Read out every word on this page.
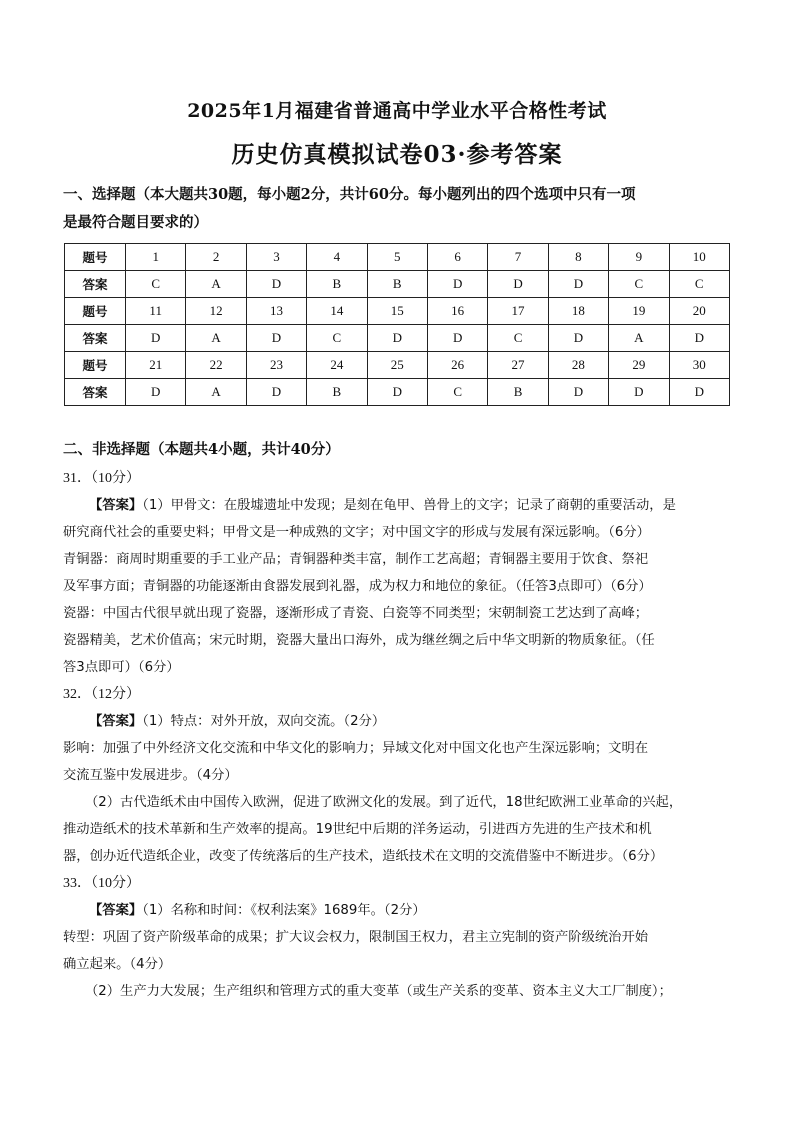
2025年1月福建省普通高中学业水平合格性考试
历史仿真模拟试卷03·参考答案
一、选择题（本大题共30题，每小题2分，共计60分。每小题列出的四个选项中只有一项
是最符合题目要求的）
题号	1	2	3	4	5	6	7	8	9	10
答案	C	A	D	B	B	D	D	D	C	C
题号	11	12	13	14	15	16	17	18	19	20
答案	D	A	D	C	D	D	C	D	A	D
题号	21	22	23	24	25	26	27	28	29	30
答案	D	A	D	B	D	C	B	D	D	D
二、非选择题（本题共4小题，共计40分）
31．（10分）
【答案】（1）甲骨文：在殷墟遗址中发现；是刻在龟甲、兽骨上的文字；记录了商朝的重要活动，是
研究商代社会的重要史料；甲骨文是一种成熟的文字；对中国文字的形成与发展有深远影响。（6分）
青铜器：商周时期重要的手工业产品；青铜器种类丰富，制作工艺高超；青铜器主要用于饮食、祭祀
及军事方面；青铜器的功能逐渐由食器发展到礼器，成为权力和地位的象征。（任答3点即可）（6分）
瓷器：中国古代很早就出现了瓷器，逐渐形成了青瓷、白瓷等不同类型；宋朝制瓷工艺达到了高峰；
瓷器精美，艺术价值高；宋元时期，瓷器大量出口海外，成为继丝绸之后中华文明新的物质象征。（任
答3点即可）（6分）
32．（12分）
【答案】（1）特点：对外开放，双向交流。（2分）
影响：加强了中外经济文化交流和中华文化的影响力；异域文化对中国文化也产生深远影响；文明在
交流互鉴中发展进步。（4分）
（2）古代造纸术由中国传入欧洲，促进了欧洲文化的发展。到了近代，18世纪欧洲工业革命的兴起，
推动造纸术的技术革新和生产效率的提高。19世纪中后期的洋务运动，引进西方先进的生产技术和机
器，创办近代造纸企业，改变了传统落后的生产技术，造纸技术在文明的交流借鉴中不断进步。（6分）
33．（10分）
【答案】（1）名称和时间：《权利法案》1689年。（2分）
转型：巩固了资产阶级革命的成果；扩大议会权力，限制国王权力，君主立宪制的资产阶级统治开始
确立起来。（4分）
（2）生产力大发展；生产组织和管理方式的重大变革（或生产关系的变革、资本主义大工厂制度）；
